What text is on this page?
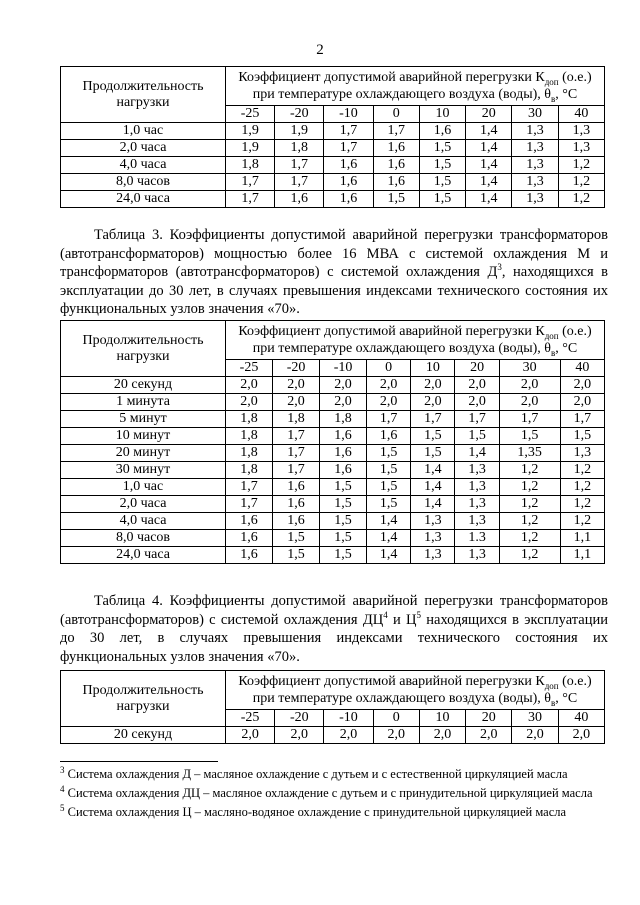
2
Продолжительность нагрузки	Коэффициент допустимой аварийной перегрузки $К_{доп}$ (о.е.)
при температуре охлаждающего воздуха (воды), $\theta_в$, °С							
	-25	-20	-10	0	10	20	30	40
1,0 час	1,9	1,9	1,7	1,7	1,6	1,4	1,3	1,3
2,0 часа	1,9	1,8	1,7	1,6	1,5	1,4	1,3	1,3
4,0 часа	1,8	1,7	1,6	1,6	1,5	1,4	1,3	1,2
8,0 часов	1,7	1,7	1,6	1,6	1,5	1,4	1,3	1,2
24,0 часа	1,7	1,6	1,6	1,5	1,5	1,4	1,3	1,2

Таблица 3. Коэффициенты допустимой аварийной перегрузки трансформаторов (автотрансформаторов) мощностью более 16 МВА с системой охлаждения М и трансформаторов (автотрансформаторов) с системой охлаждения $Д^3$, находящихся в эксплуатации до 30 лет, в случаях превышения индексами технического состояния их функциональных узлов значения «70».

Продолжительность нагрузки	Коэффициент допустимой аварийной перегрузки $К_{доп}$ (о.е.)
при температуре охлаждающего воздуха (воды), $\theta_в$, °С							
	-25	-20	-10	0	10	20	30	40
20 секунд	2,0	2,0	2,0	2,0	2,0	2,0	2,0	2,0
1 минута	2,0	2,0	2,0	2,0	2,0	2,0	2,0	2,0
5 минут	1,8	1,8	1,8	1,7	1,7	1,7	1,7	1,7
10 минут	1,8	1,7	1,6	1,6	1,5	1,5	1,5	1,5
20 минут	1,8	1,7	1,6	1,5	1,5	1,4	1,35	1,3
30 минут	1,8	1,7	1,6	1,5	1,4	1,3	1,2	1,2
1,0 час	1,7	1,6	1,5	1,5	1,4	1,3	1,2	1,2
2,0 часа	1,7	1,6	1,5	1,5	1,4	1,3	1,2	1,2
4,0 часа	1,6	1,6	1,5	1,4	1,3	1,3	1,2	1,2
8,0 часов	1,6	1,5	1,5	1,4	1,3	1.3	1,2	1,1
24,0 часа	1,6	1,5	1,5	1,4	1,3	1,3	1,2	1,1

Таблица 4. Коэффициенты допустимой аварийной перегрузки трансформаторов (автотрансформаторов) с системой охлаждения $ДЦ^4$ и $Ц^5$ находящихся в эксплуатации до 30 лет, в случаях превышения индексами технического состояния их функциональных узлов значения «70».

Продолжительность нагрузки	Коэффициент допустимой аварийной перегрузки $К_{доп}$ (о.е.)
при температуре охлаждающего воздуха (воды), $\theta_в$, °С							
	-25	-20	-10	0	10	20	30	40
20 секунд	2,0	2,0	2,0	2,0	2,0	2,0	2,0	2,0

$^3$ Система охлаждения Д – масляное охлаждение с дутьем и с естественной циркуляцией масла

$^4$ Система охлаждения ДЦ – масляное охлаждение с дутьем и с принудительной циркуляцией масла

$^5$ Система охлаждения Ц – масляно-водяное охлаждение с принудительной циркуляцией масла
